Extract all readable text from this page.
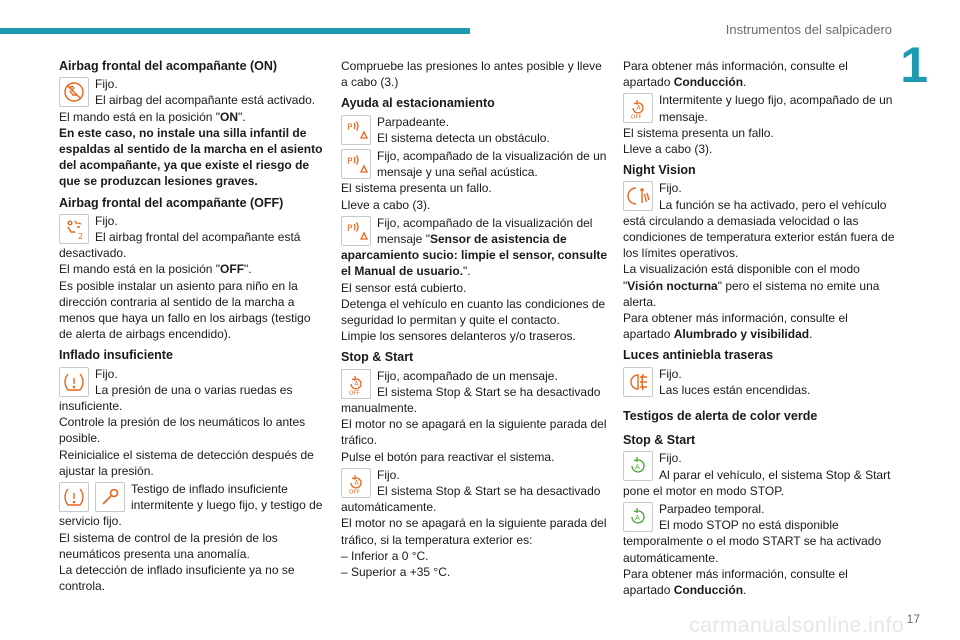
Instrumentos del salpicadero
1
carmanualsonline.info 17
Airbag frontal del acompañante (ON)
Fijo.
El airbag del acompañante está activado.
El mando está en la posición "ON".
En este caso, no instale una silla infantil de espaldas al sentido de la marcha en el asiento del acompañante, ya que existe el riesgo de que se produzcan lesiones graves.
Airbag frontal del acompañante (OFF)
2
Fijo.
El airbag frontal del acompañante está desactivado.
El mando está en la posición "OFF".
Es posible instalar un asiento para niño en la dirección contraria al sentido de la marcha a menos que haya un fallo en los airbags (testigo de alerta de airbags encendido).
Inflado insuficiente
Fijo.
La presión de una o varias ruedas es insuficiente.
Controle la presión de los neumáticos lo antes posible.
Reinicialice el sistema de detección después de ajustar la presión.
Testigo de inflado insuficiente intermitente y luego fijo, y testigo de servicio fijo.
El sistema de control de la presión de los neumáticos presenta una anomalía.
La detección de inflado insuficiente ya no se controla.
Compruebe las presiones lo antes posible y lleve a cabo (3.)
Ayuda al estacionamiento
P	Parpadeante.
El sistema detecta un obstáculo.
P	Fijo, acompañado de la visualización de un mensaje y una señal acústica.
El sistema presenta un fallo.
Lleve a cabo (3).
P	Fijo, acompañado de la visualización del mensaje "Sensor de asistencia de aparcamiento sucio: limpie el sensor, consulte el Manual de usuario.".
El sensor está cubierto.
Detenga el vehículo en cuanto las condiciones de seguridad lo permitan y quite el contacto.
Limpie los sensores delanteros y/o traseros.
Stop & Start
A
OFF
Fijo, acompañado de un mensaje.
El sistema Stop & Start se ha desactivado manualmente.
El motor no se apagará en la siguiente parada del tráfico.
Pulse el botón para reactivar el sistema.
A
OFF
Fijo.
El sistema Stop & Start se ha desactivado automáticamente.
El motor no se apagará en la siguiente parada del tráfico, si la temperatura exterior es:
– Inferior a 0 °C.
– Superior a +35 °C.
Para obtener más información, consulte el apartado Conducción.
A
OFF
Intermitente y luego fijo, acompañado de un mensaje.
El sistema presenta un fallo.
Lleve a cabo (3).
Night Vision
Fijo.
La función se ha activado, pero el vehículo está circulando a demasiada velocidad o las condiciones de temperatura exterior están fuera de los límites operativos.
La visualización está disponible con el modo
"Visión nocturna" pero el sistema no emite una alerta.
Para obtener más información, consulte el apartado Alumbrado y visibilidad.
Luces antiniebla traseras
Fijo.
Las luces están encendidas.
Testigos de alerta de color verde
Stop & Start
A
Fijo.
Al parar el vehículo, el sistema Stop & Start pone el motor en modo STOP.
A
Parpadeo temporal.
El modo STOP no está disponible temporalmente o el modo START se ha activado automáticamente.
Para obtener más información, consulte el apartado Conducción.
